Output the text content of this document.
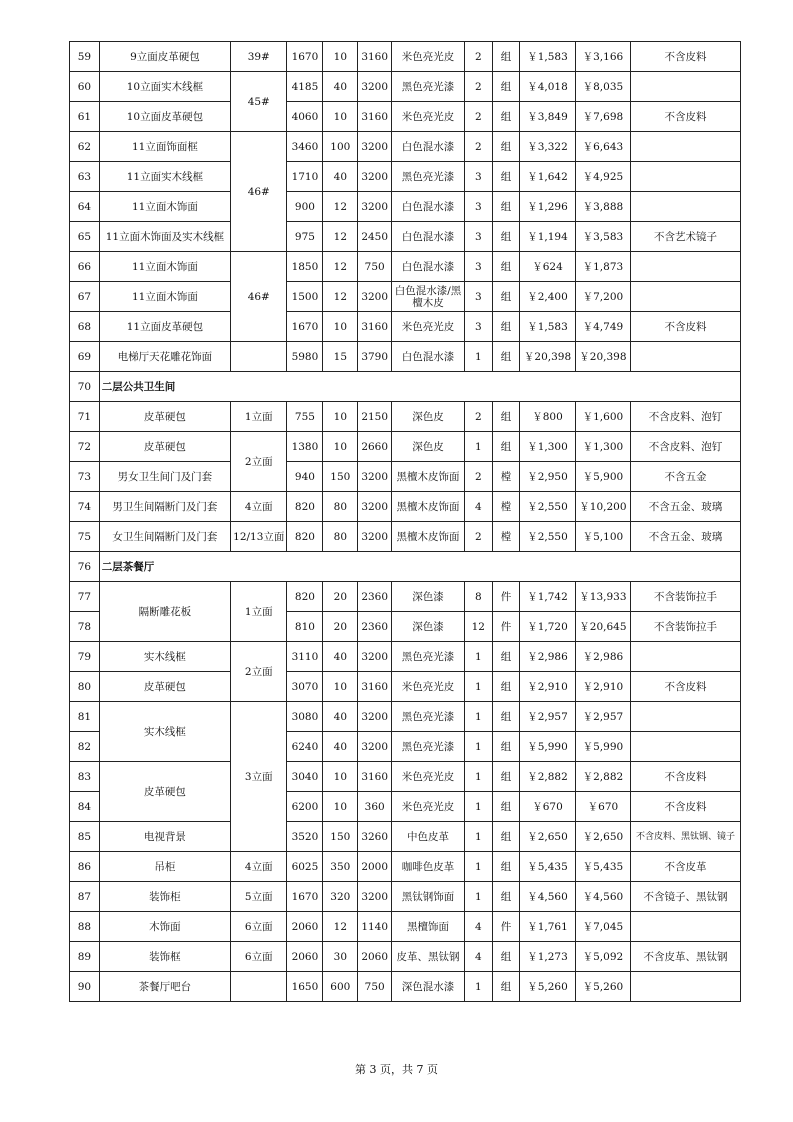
59	9立面皮革硬包	39#	1670	10	3160	米色亮光皮	2	组	￥1,583	￥3,166	不含皮料
60	10立面实木线框	45#	4185	40	3200	黑色亮光漆	2	组	￥4,018	￥8,035	
61	10立面皮革硬包		4060	10	3160	米色亮光皮	2	组	￥3,849	￥7,698	不含皮料
62	11立面饰面框	46#	3460	100	3200	白色混水漆	2	组	￥3,322	￥6,643	
63	11立面实木线框		1710	40	3200	黑色亮光漆	3	组	￥1,642	￥4,925	
64	11立面木饰面		900	12	3200	白色混水漆	3	组	￥1,296	￥3,888	
65	11立面木饰面及实木线框		975	12	2450	白色混水漆	3	组	￥1,194	￥3,583	不含艺术镜子
66	11立面木饰面	46#	1850	12	750	白色混水漆	3	组	￥624	￥1,873	
67	11立面木饰面		1500	12	3200	白色混水漆/黑檀木皮	3	组	￥2,400	￥7,200	
68	11立面皮革硬包		1670	10	3160	米色亮光皮	3	组	￥1,583	￥4,749	不含皮料
69	电梯厅天花雕花饰面		5980	15	3790	白色混水漆	1	组	￥20,398	￥20,398	
70	二层公共卫生间										
71	皮革硬包	1立面	755	10	2150	深色皮	2	组	￥800	￥1,600	不含皮料、泡钉
72	皮革硬包	2立面	1380	10	2660	深色皮	1	组	￥1,300	￥1,300	不含皮料、泡钉
73	男女卫生间门及门套		940	150	3200	黑檀木皮饰面	2	樘	￥2,950	￥5,900	不含五金
74	男卫生间隔断门及门套	4立面	820	80	3200	黑檀木皮饰面	4	樘	￥2,550	￥10,200	不含五金、玻璃
75	女卫生间隔断门及门套	12/13立面	820	80	3200	黑檀木皮饰面	2	樘	￥2,550	￥5,100	不含五金、玻璃
76	二层茶餐厅										
77	隔断雕花板	1立面	820	20	2360	深色漆	8	件	￥1,742	￥13,933	不含装饰拉手
78			810	20	2360	深色漆	12	件	￥1,720	￥20,645	不含装饰拉手
79	实木线框	2立面	3110	40	3200	黑色亮光漆	1	组	￥2,986	￥2,986	
80	皮革硬包		3070	10	3160	米色亮光皮	1	组	￥2,910	￥2,910	不含皮料
81	实木线框	3立面	3080	40	3200	黑色亮光漆	1	组	￥2,957	￥2,957	
82			6240	40	3200	黑色亮光漆	1	组	￥5,990	￥5,990	
83	皮革硬包		3040	10	3160	米色亮光皮	1	组	￥2,882	￥2,882	不含皮料
84			6200	10	360	米色亮光皮	1	组	￥670	￥670	不含皮料
85	电视背景		3520	150	3260	中色皮革	1	组	￥2,650	￥2,650	不含皮料、黑钛钢、镜子
86	吊柜	4立面	6025	350	2000	咖啡色皮革	1	组	￥5,435	￥5,435	不含皮革
87	装饰柜	5立面	1670	320	3200	黑钛钢饰面	1	组	￥4,560	￥4,560	不含镜子、黑钛钢
88	木饰面	6立面	2060	12	1140	黑檀饰面	4	件	￥1,761	￥7,045	
89	装饰框	6立面	2060	30	2060	皮革、黑钛钢	4	组	￥1,273	￥5,092	不含皮革、黑钛钢
90	茶餐厅吧台		1650	600	750	深色混水漆	1	组	￥5,260	￥5,260	
第 3 页，共 7 页
